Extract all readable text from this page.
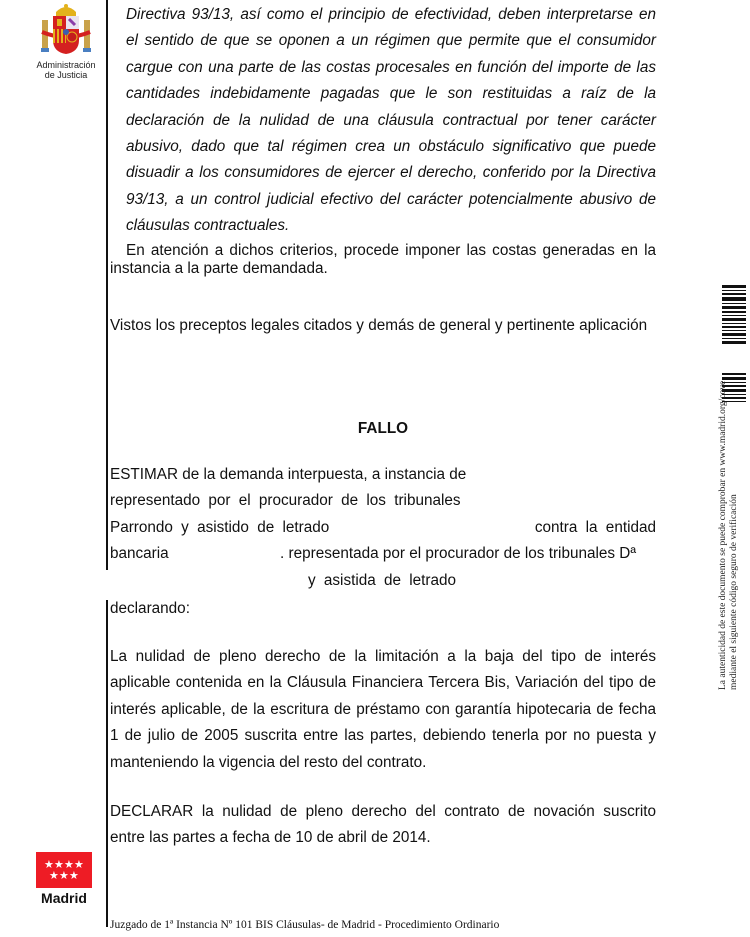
Administración
de Justicia
Directiva 93/13, así como el principio de efectividad, deben interpretarse en
el sentido de que se oponen a un régimen que permite que el consumidor
cargue con una parte de las costas procesales en función del importe de las
cantidades indebidamente pagadas que le son restituidas a raíz de la
declaración de la nulidad de una cláusula contractual por tener carácter
abusivo, dado que tal régimen crea un obstáculo significativo que puede
disuadir a los consumidores de ejercer el derecho, conferido por la Directiva
93/13, a un control judicial efectivo del carácter potencialmente abusivo de
cláusulas contractuales.
En atención a dichos criterios, procede imponer las costas generadas en la
instancia a la parte demandada.
Vistos los preceptos legales citados y demás de general y pertinente aplicación
FALLO
ESTIMAR de la demanda interpuesta, a instancia de
representado por el procurador de los tribunales
Parrondo y asistido de letrado	contra la entidad
bancaria	. representada por el procurador de los tribunales Dª
y asistida de letrado
declarando:
La nulidad de pleno derecho de la limitación a la baja del tipo de interés
aplicable contenida en la Cláusula Financiera Tercera Bis, Variación del tipo de
interés aplicable, de la escritura de préstamo con garantía hipotecaria de fecha
1 de julio de 2005 suscrita entre las partes, debiendo tenerla por no puesta y
manteniendo la vigencia del resto del contrato.
DECLARAR la nulidad de pleno derecho del contrato de novación suscrito
entre las partes a fecha de 10 de abril de 2014.
Juzgado de 1ª Instancia Nº 101 BIS Cláusulas- de Madrid - Procedimiento Ordinario
★ ★ ★ ★
★ ★ ★
Madrid
La autenticidad de este documento se puede comprobar en www.madrid.org/cove mediante el siguiente código seguro de verificación
